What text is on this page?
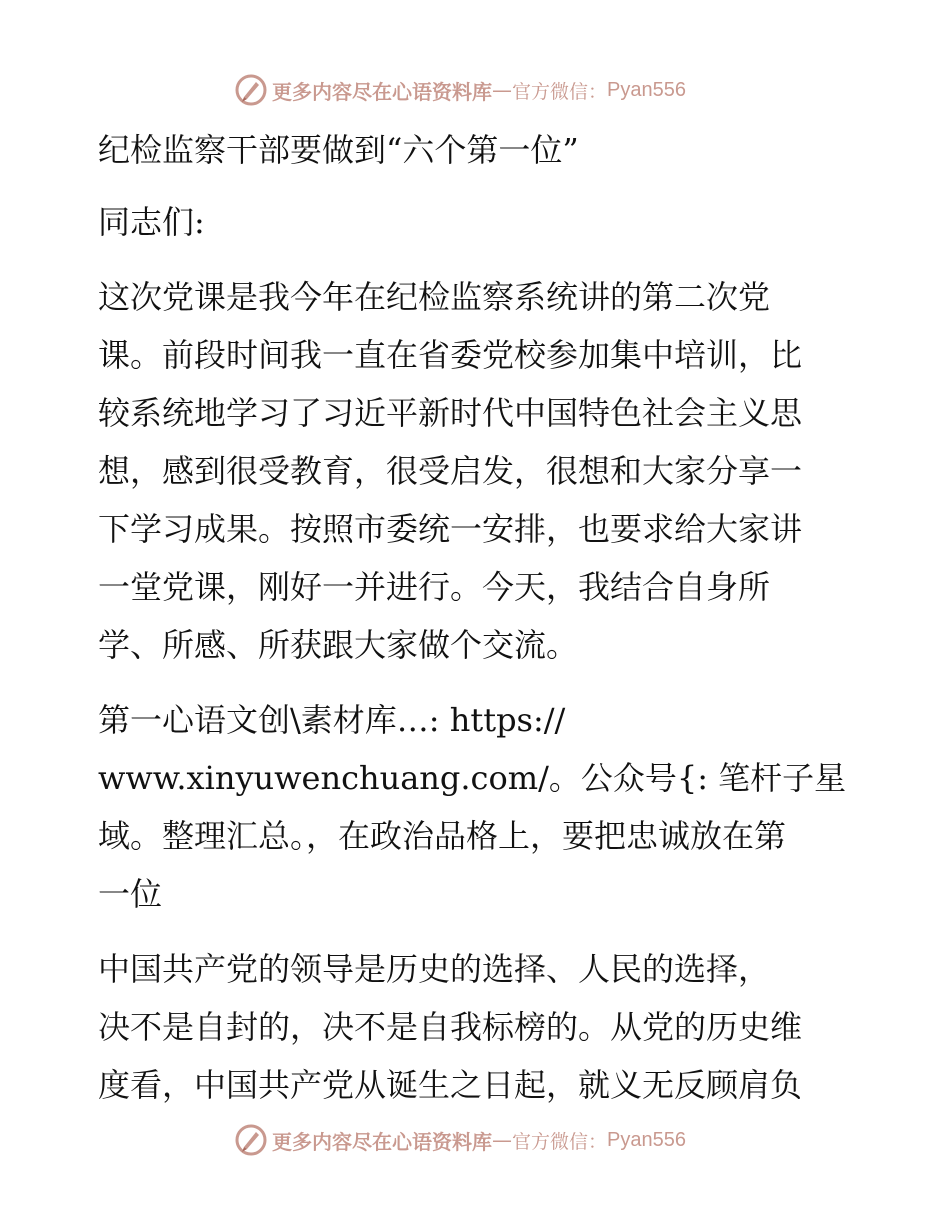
更多内容尽在心语资料库 — 官方微信： Pyan556
纪检监察干部要做到“六个第一位”
同志们:
这次党课是我今年在纪检监察系统讲的第二次党
课。前段时间我一直在省委党校参加集中培训，比
较系统地学习了习近平新时代中国特色社会主义思
想，感到很受教育，很受启发，很想和大家分享一
下学习成果。按照市委统一安排，也要求给大家讲
一堂党课，刚好一并进行。今天，我结合自身所
学、所感、所获跟大家做个交流。
第一心语文创\素材库…: https://
www.xinyuwenchuang.com/。公众号{: 笔杆子星
域。整理汇总。，在政治品格上，要把忠诚放在第
一位
中国共产党的领导是历史的选择、人民的选择，
决不是自封的，决不是自我标榜的。从党的历史维
度看，中国共产党从诞生之日起，就义无反顾肩负
更多内容尽在心语资料库 — 官方微信： Pyan556
